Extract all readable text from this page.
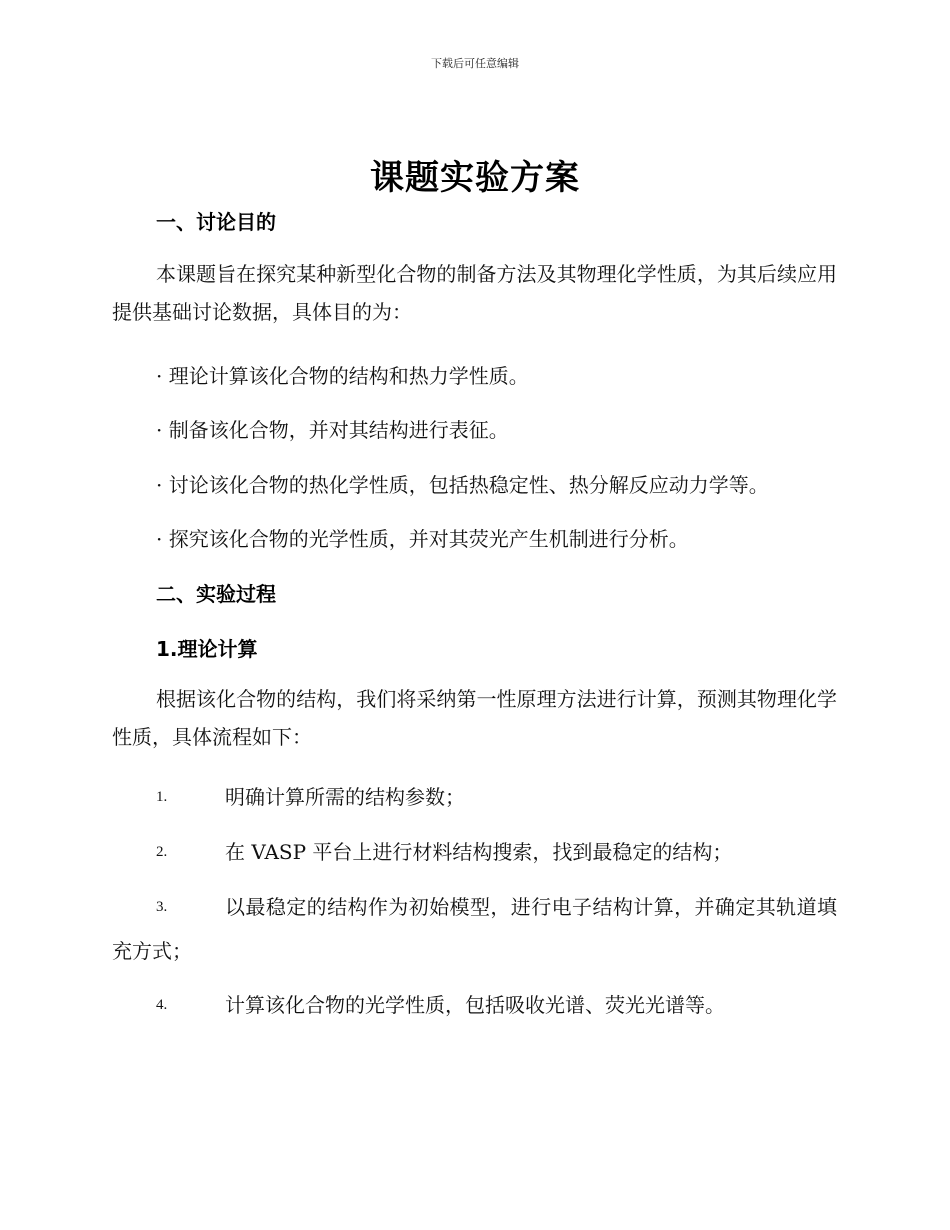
下载后可任意编辑
课题实验方案
一、讨论目的
本课题旨在探究某种新型化合物的制备方法及其物理化学性质，为其后续应用提供基础讨论数据，具体目的为：
· 理论计算该化合物的结构和热力学性质。
· 制备该化合物，并对其结构进行表征。
· 讨论该化合物的热化学性质，包括热稳定性、热分解反应动力学等。
· 探究该化合物的光学性质，并对其荧光产生机制进行分析。
二、实验过程
1.理论计算
根据该化合物的结构，我们将采纳第一性原理方法进行计算，预测其物理化学性质，具体流程如下：
1.	明确计算所需的结构参数；
2.	在 VASP 平台上进行材料结构搜索，找到最稳定的结构；
3.	以最稳定的结构作为初始模型，进行电子结构计算，并确定其轨道填充方式；
4.	计算该化合物的光学性质，包括吸收光谱、荧光光谱等。
